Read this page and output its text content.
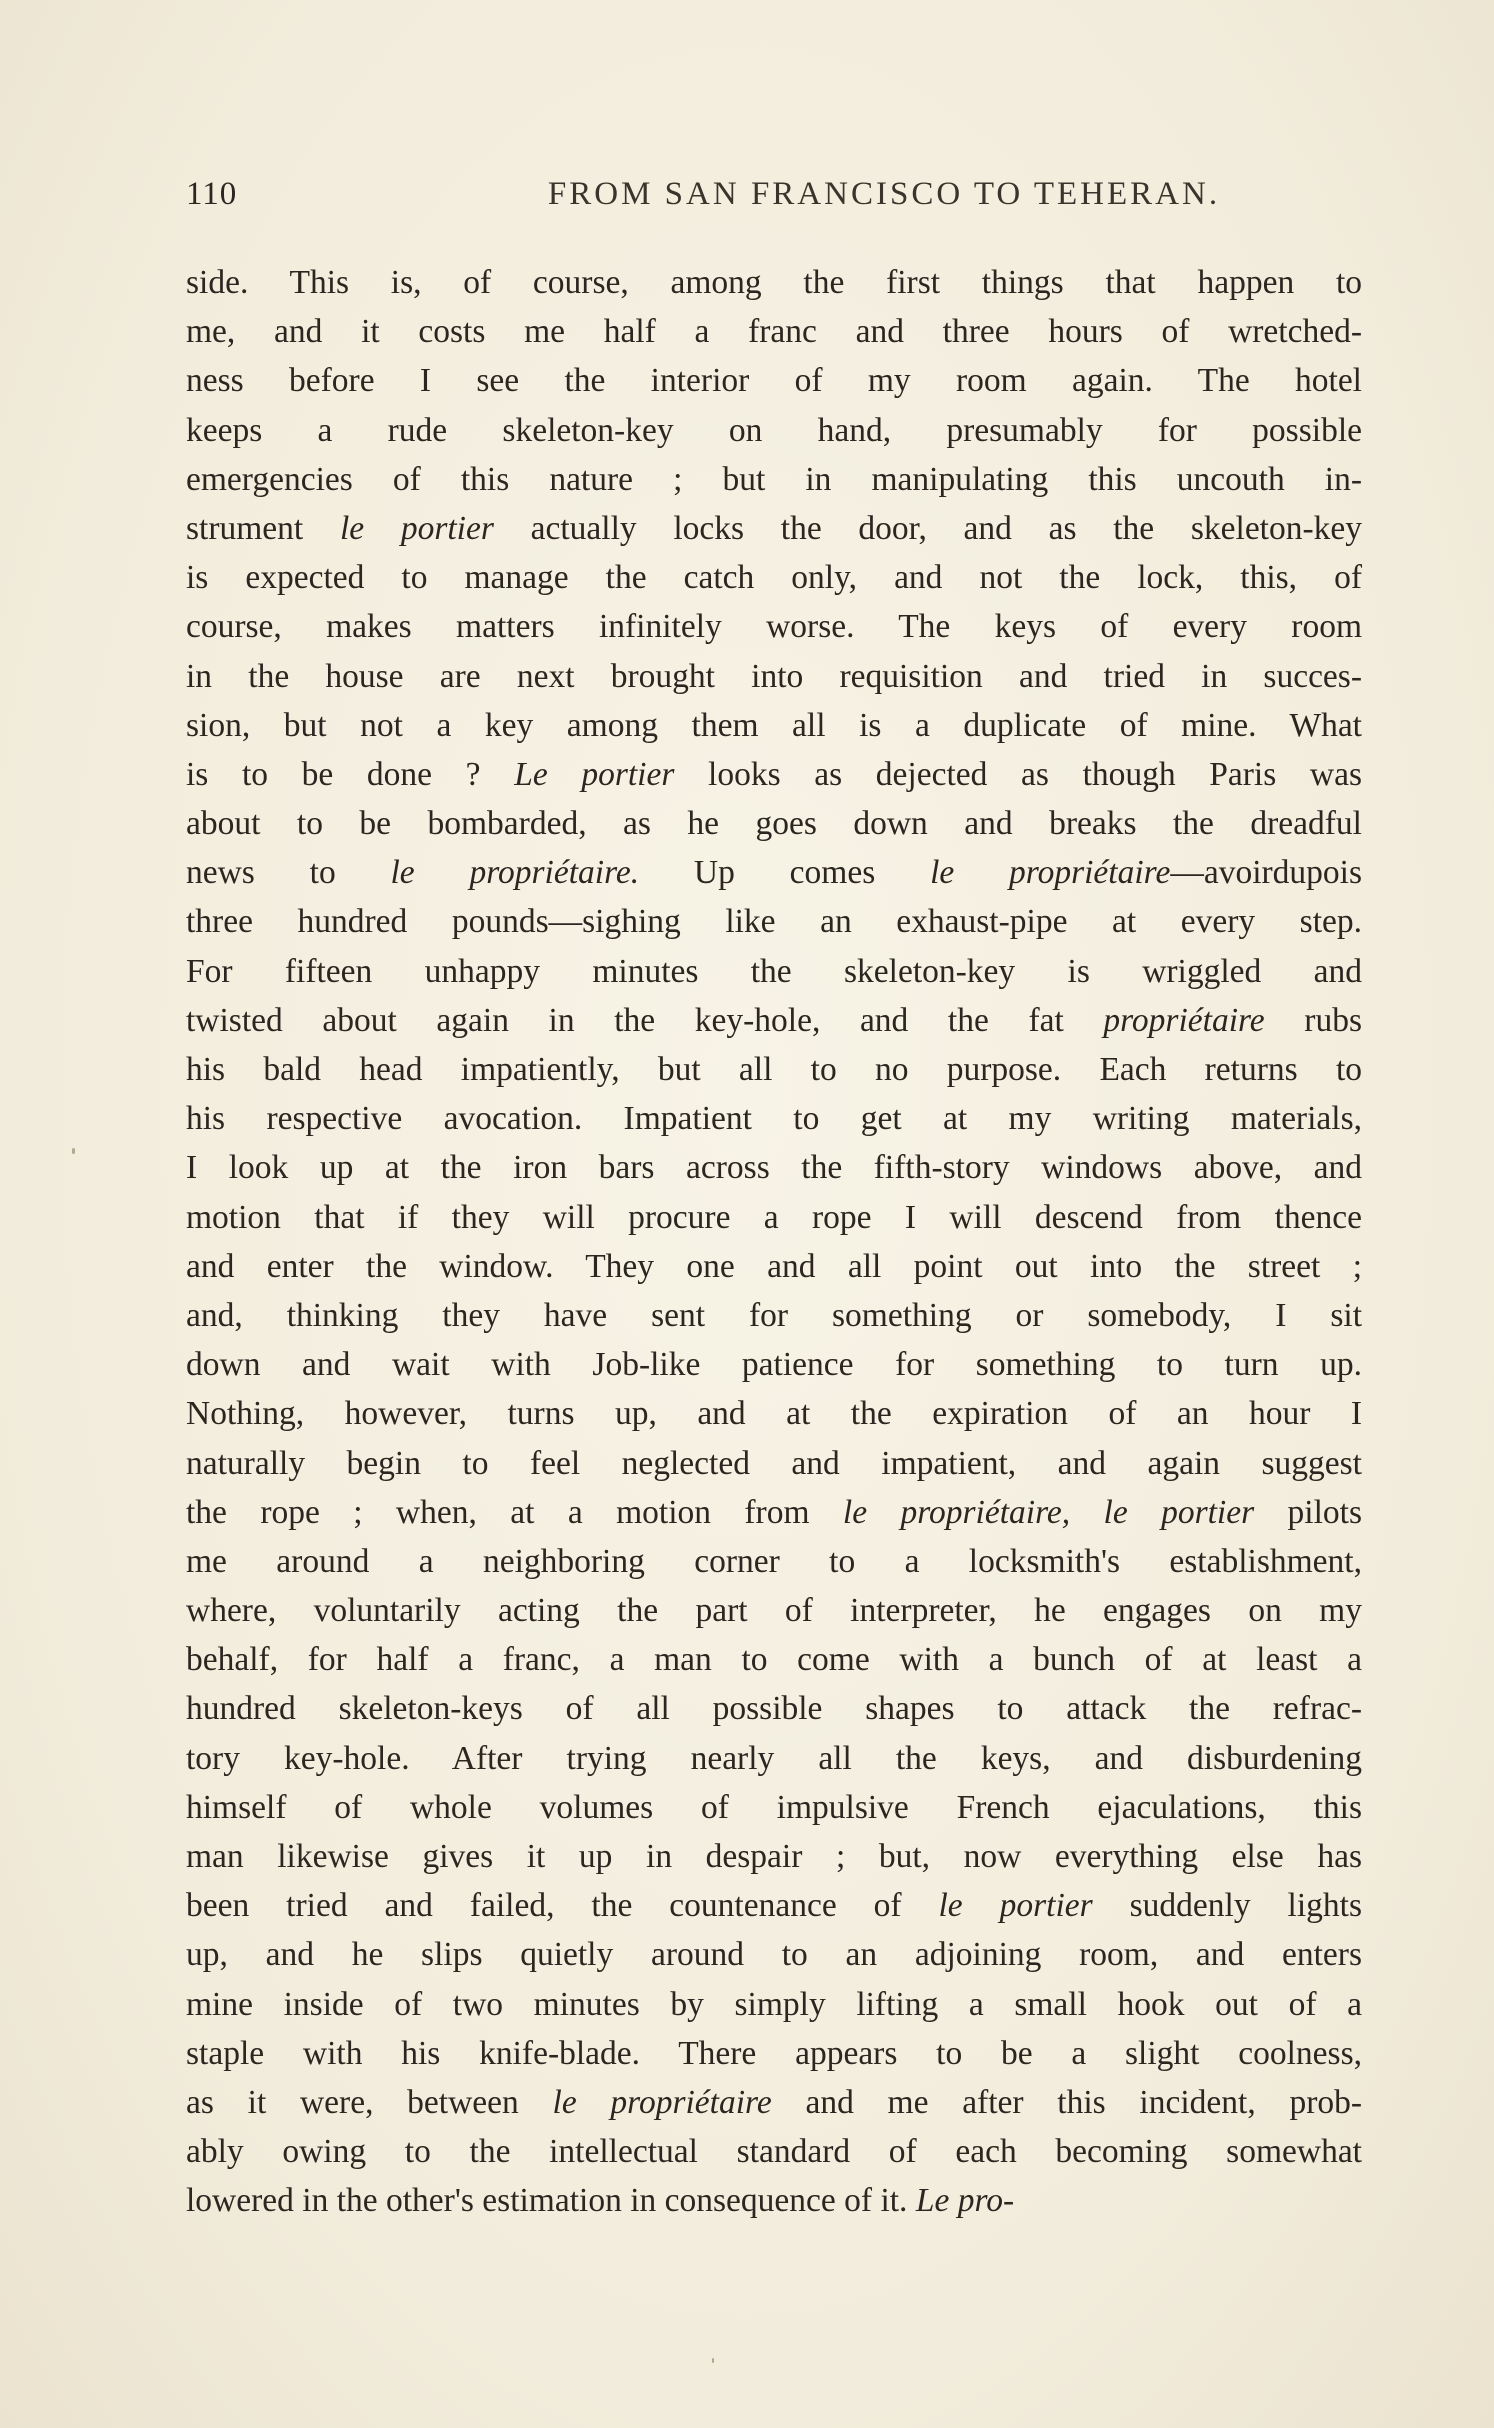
110	FROM SAN FRANCISCO TO TEHERAN.
side. This is, of course, among the first things that happen to
me, and it costs me half a franc and three hours of wretched-
ness before I see the interior of my room again. The hotel
keeps a rude skeleton-key on hand, presumably for possible
emergencies of this nature ; but in manipulating this uncouth in-
strument le portier actually locks the door, and as the skeleton-key
is expected to manage the catch only, and not the lock, this, of
course, makes matters infinitely worse. The keys of every room
in the house are next brought into requisition and tried in succes-
sion, but not a key among them all is a duplicate of mine. What
is to be done ? Le portier looks as dejected as though Paris was
about to be bombarded, as he goes down and breaks the dreadful
news to le propriétaire. Up comes le propriétaire—avoirdupois
three hundred pounds—sighing like an exhaust-pipe at every step.
For fifteen unhappy minutes the skeleton-key is wriggled and
twisted about again in the key-hole, and the fat propriétaire rubs
his bald head impatiently, but all to no purpose. Each returns to
his respective avocation. Impatient to get at my writing materials,
I look up at the iron bars across the fifth-story windows above, and
motion that if they will procure a rope I will descend from thence
and enter the window. They one and all point out into the street ;
and, thinking they have sent for something or somebody, I sit
down and wait with Job-like patience for something to turn up.
Nothing, however, turns up, and at the expiration of an hour I
naturally begin to feel neglected and impatient, and again suggest
the rope ; when, at a motion from le propriétaire, le portier pilots
me around a neighboring corner to a locksmith's establishment,
where, voluntarily acting the part of interpreter, he engages on my
behalf, for half a franc, a man to come with a bunch of at least a
hundred skeleton-keys of all possible shapes to attack the refrac-
tory key-hole. After trying nearly all the keys, and disburdening
himself of whole volumes of impulsive French ejaculations, this
man likewise gives it up in despair ; but, now everything else has
been tried and failed, the countenance of le portier suddenly lights
up, and he slips quietly around to an adjoining room, and enters
mine inside of two minutes by simply lifting a small hook out of a
staple with his knife-blade. There appears to be a slight coolness,
as it were, between le propriétaire and me after this incident, prob-
ably owing to the intellectual standard of each becoming somewhat
lowered in the other's estimation in consequence of it. Le pro-
